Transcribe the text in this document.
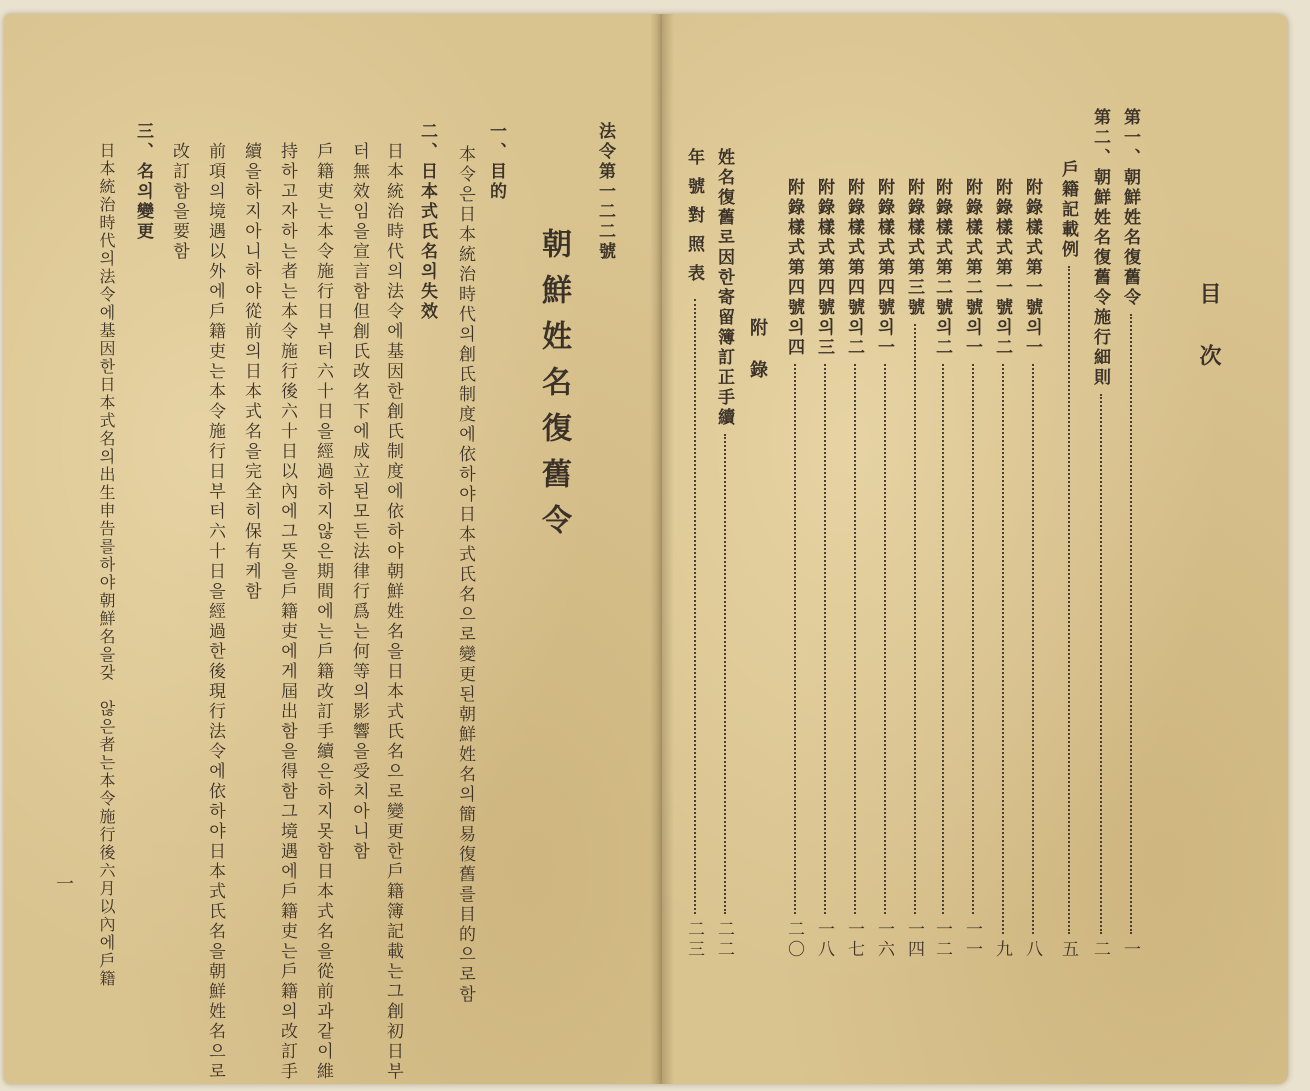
法令第一二二號
朝鮮姓名復舊令
一、目的
本令은日本統治時代의創氏制度에依하야日本式氏名으로變更된朝鮮姓名의簡易復舊를目的으로함
二、日本式氏名의失效
日本統治時代의法令에基因한創氏制度에依하야朝鮮姓名을日本式氏名으로變更한戶籍簿記載는그創初日부
터無效임을宣言함但創氏改名下에成立된모든法律行爲는何等의影響을受치아니함
戶籍吏는本令施行日부터六十日을經過하지않은期間에는戶籍改訂手續은하지못함日本式名을從前과같이維
持하고자하는者는本令施行後六十日以內에그뜻을戶籍吏에게屆出함을得함그境遇에戶籍吏는戶籍의改訂手
續을하지아니하야從前의日本式名을完全히保有케함
前項의境遇以外에戶籍吏는本令施行日부터六十日을經過한後現行法令에依하야日本式氏名을朝鮮姓名으로
改訂함을要함
三、名의變更
日本統治時代의法令에基因한日本式名의出生申告를하야朝鮮名을갖　않은者는本令施行後六月以內에戶籍
一
目次
第一、朝鮮姓名復舊令
一
第二、朝鮮姓名復舊令施行細則
二
戶籍記載例
五
附錄樣式第一號의一
八
附錄樣式第一號의二
九
附錄樣式第二號의一
一一
附錄樣式第二號의二
一二
附錄樣式第三號
一四
附錄樣式第四號의一
一六
附錄樣式第四號의二
一七
附錄樣式第四號의三
一八
附錄樣式第四號의四
二〇
附錄
姓名復舊로因한寄留簿訂正手續
二二
年號對照表
二三
